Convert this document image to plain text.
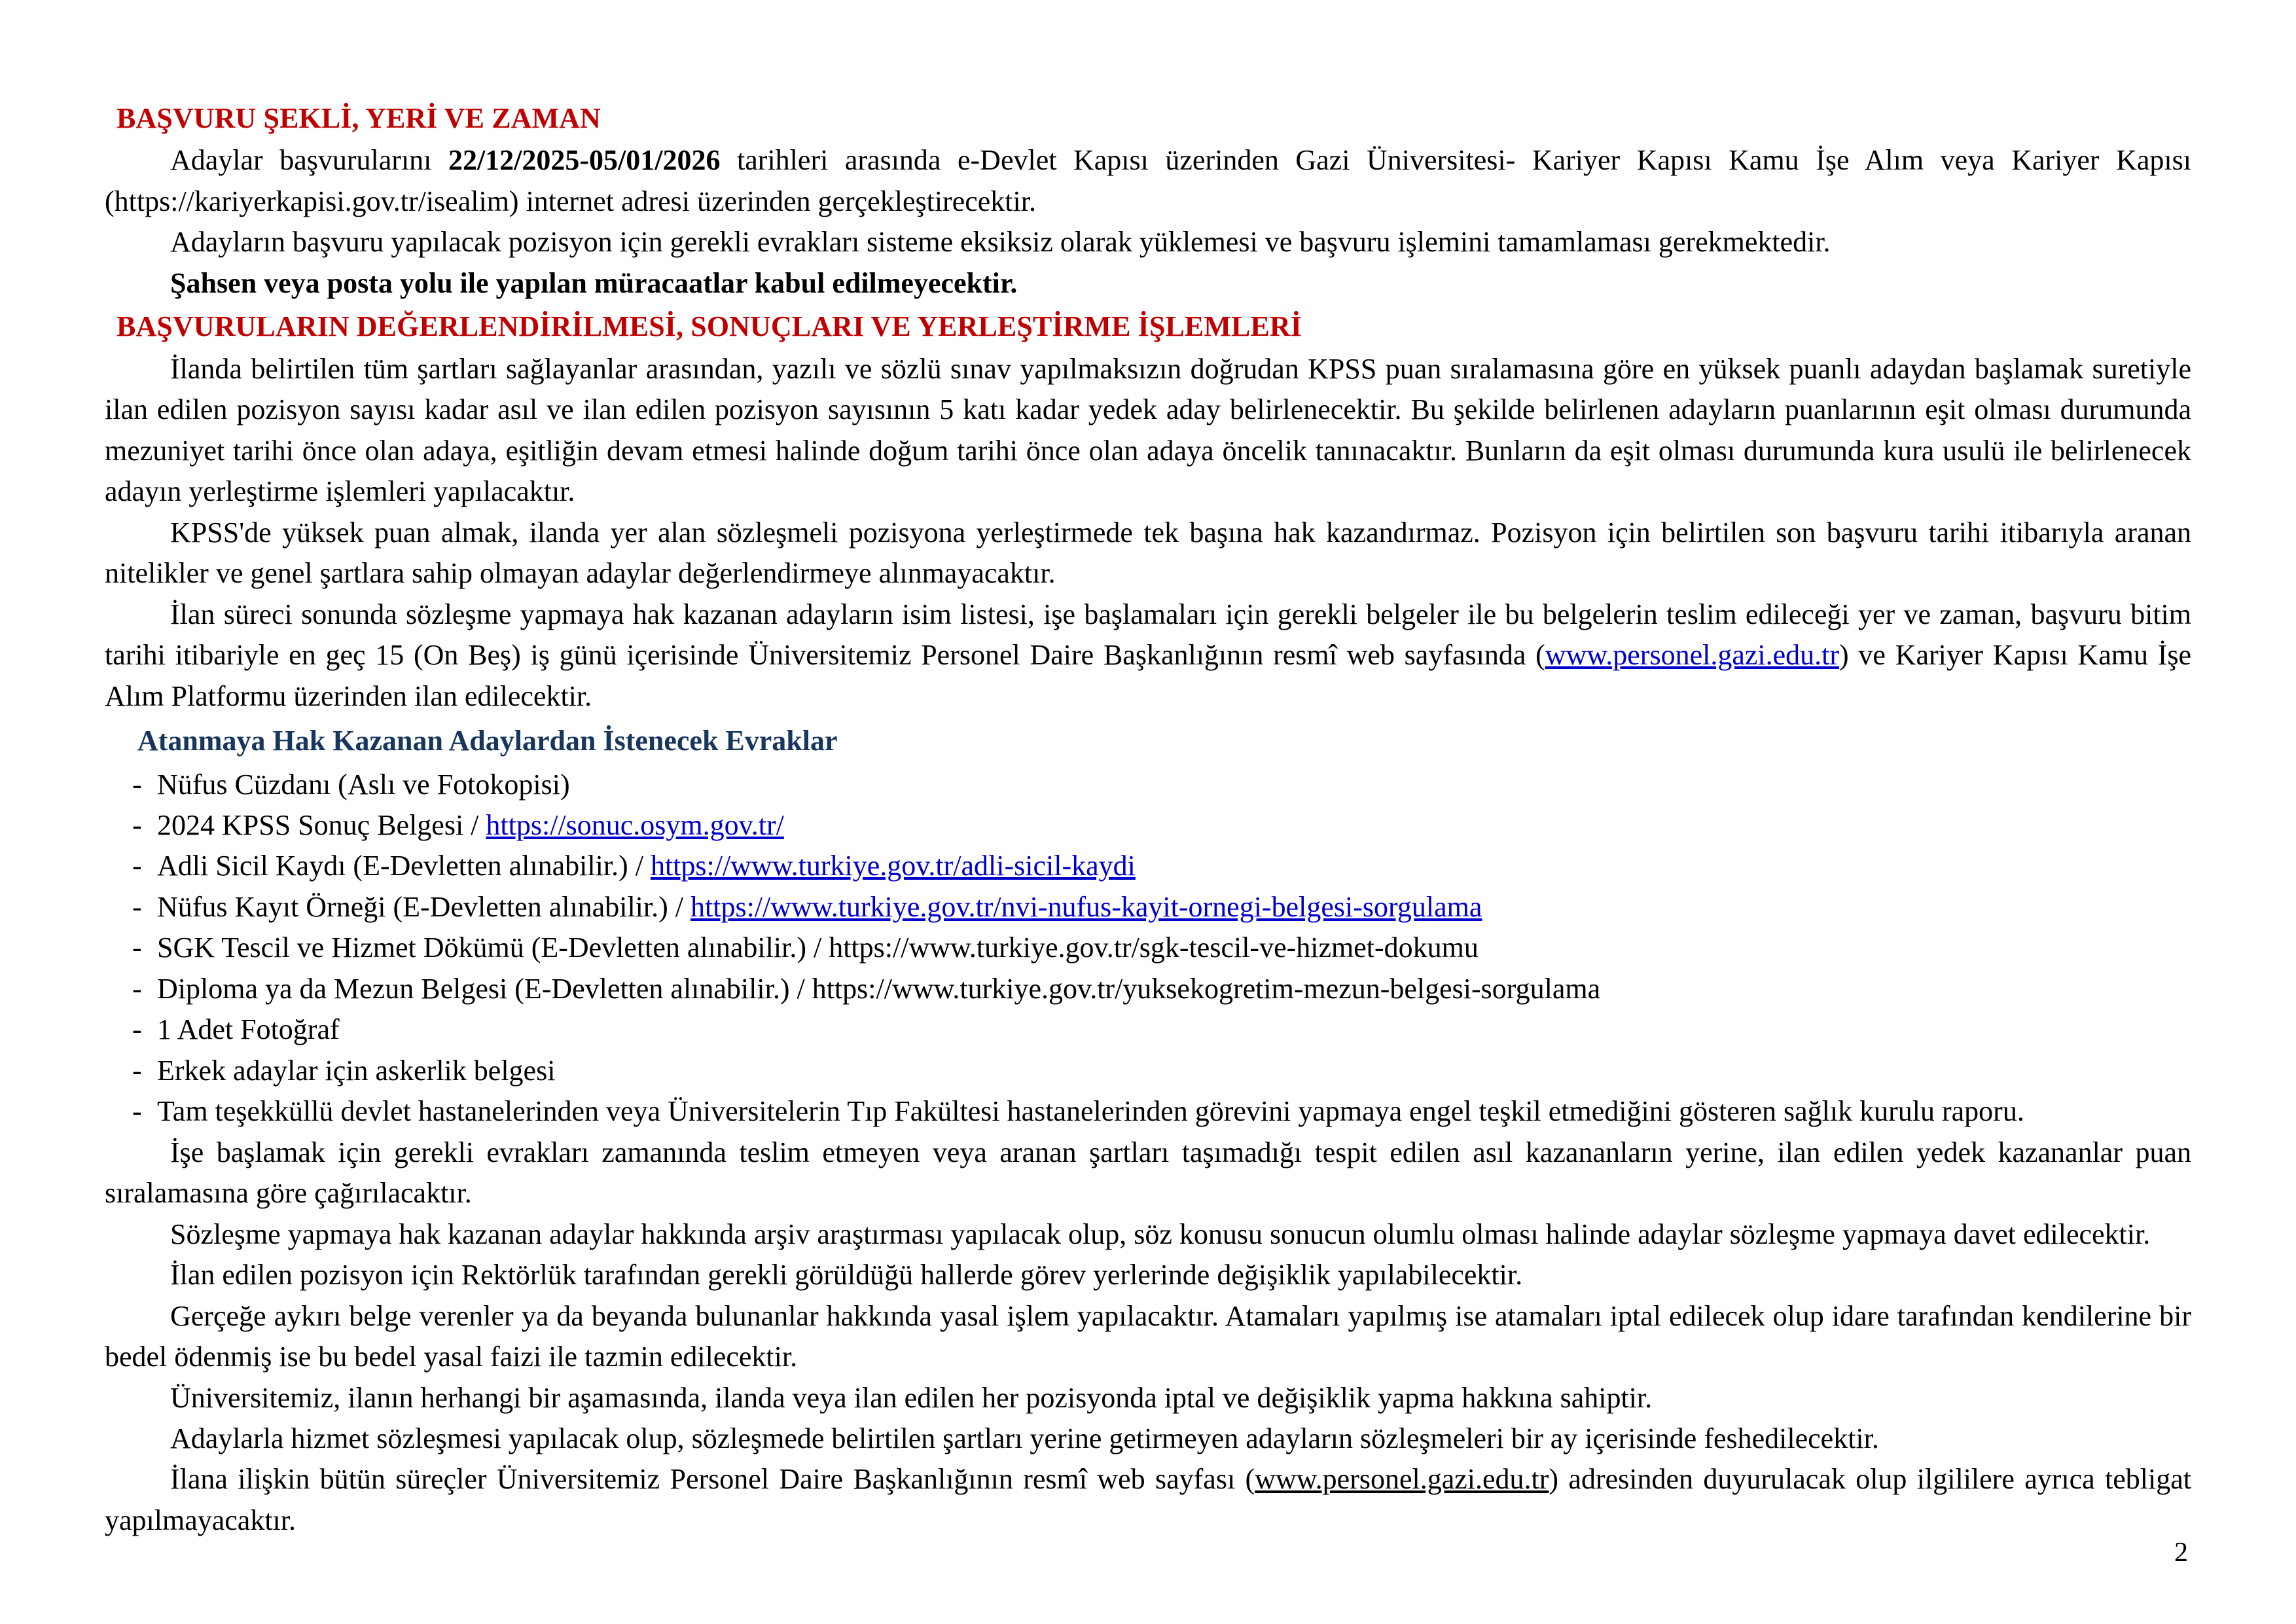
BAŞVURU ŞEKLİ, YERİ VE ZAMAN

Adaylar başvurularını 22/12/2025-05/01/2026 tarihleri arasında e-Devlet Kapısı üzerinden Gazi Üniversitesi- Kariyer Kapısı Kamu İşe Alım veya Kariyer Kapısı (https://kariyerkapisi.gov.tr/isealim) internet adresi üzerinden gerçekleştirecektir.

Adayların başvuru yapılacak pozisyon için gerekli evrakları sisteme eksiksiz olarak yüklemesi ve başvuru işlemini tamamlaması gerekmektedir.

Şahsen veya posta yolu ile yapılan müracaatlar kabul edilmeyecektir.

BAŞVURULARIN DEĞERLENDİRİLMESİ, SONUÇLARI VE YERLEŞTİRME İŞLEMLERİ

İlanda belirtilen tüm şartları sağlayanlar arasından, yazılı ve sözlü sınav yapılmaksızın doğrudan KPSS puan sıralamasına göre en yüksek puanlı adaydan başlamak suretiyle ilan edilen pozisyon sayısı kadar asıl ve ilan edilen pozisyon sayısının 5 katı kadar yedek aday belirlenecektir. Bu şekilde belirlenen adayların puanlarının eşit olması durumunda mezuniyet tarihi önce olan adaya, eşitliğin devam etmesi halinde doğum tarihi önce olan adaya öncelik tanınacaktır. Bunların da eşit olması durumunda kura usulü ile belirlenecek adayın yerleştirme işlemleri yapılacaktır.

KPSS'de yüksek puan almak, ilanda yer alan sözleşmeli pozisyona yerleştirmede tek başına hak kazandırmaz. Pozisyon için belirtilen son başvuru tarihi itibarıyla aranan nitelikler ve genel şartlara sahip olmayan adaylar değerlendirmeye alınmayacaktır.

İlan süreci sonunda sözleşme yapmaya hak kazanan adayların isim listesi, işe başlamaları için gerekli belgeler ile bu belgelerin teslim edileceği yer ve zaman, başvuru bitim tarihi itibariyle en geç 15 (On Beş) iş günü içerisinde Üniversitemiz Personel Daire Başkanlığının resmî web sayfasında (www.personel.gazi.edu.tr) ve Kariyer Kapısı Kamu İşe Alım Platformu üzerinden ilan edilecektir.

Atanmaya Hak Kazanan Adaylardan İstenecek Evraklar
- Nüfus Cüzdanı (Aslı ve Fotokopisi)
- 2024 KPSS Sonuç Belgesi / https://sonuc.osym.gov.tr/
- Adli Sicil Kaydı (E-Devletten alınabilir.) / https://www.turkiye.gov.tr/adli-sicil-kaydi
- Nüfus Kayıt Örneği (E-Devletten alınabilir.) / https://www.turkiye.gov.tr/nvi-nufus-kayit-ornegi-belgesi-sorgulama
- SGK Tescil ve Hizmet Dökümü (E-Devletten alınabilir.) / https://www.turkiye.gov.tr/sgk-tescil-ve-hizmet-dokumu
- Diploma ya da Mezun Belgesi (E-Devletten alınabilir.) / https://www.turkiye.gov.tr/yuksekogretim-mezun-belgesi-sorgulama
- 1 Adet Fotoğraf
- Erkek adaylar için askerlik belgesi
- Tam teşekküllü devlet hastanelerinden veya Üniversitelerin Tıp Fakültesi hastanelerinden görevini yapmaya engel teşkil etmediğini gösteren sağlık kurulu raporu.

İşe başlamak için gerekli evrakları zamanında teslim etmeyen veya aranan şartları taşımadığı tespit edilen asıl kazananların yerine, ilan edilen yedek kazananlar puan sıralamasına göre çağırılacaktır.

Sözleşme yapmaya hak kazanan adaylar hakkında arşiv araştırması yapılacak olup, söz konusu sonucun olumlu olması halinde adaylar sözleşme yapmaya davet edilecektir.

İlan edilen pozisyon için Rektörlük tarafından gerekli görüldüğü hallerde görev yerlerinde değişiklik yapılabilecektir.

Gerçeğe aykırı belge verenler ya da beyanda bulunanlar hakkında yasal işlem yapılacaktır. Atamaları yapılmış ise atamaları iptal edilecek olup idare tarafından kendilerine bir bedel ödenmiş ise bu bedel yasal faizi ile tazmin edilecektir.

Üniversitemiz, ilanın herhangi bir aşamasında, ilanda veya ilan edilen her pozisyonda iptal ve değişiklik yapma hakkına sahiptir.

Adaylarla hizmet sözleşmesi yapılacak olup, sözleşmede belirtilen şartları yerine getirmeyen adayların sözleşmeleri bir ay içerisinde feshedilecektir.

İlana ilişkin bütün süreçler Üniversitemiz Personel Daire Başkanlığının resmî web sayfası (www.personel.gazi.edu.tr) adresinden duyurulacak olup ilgililere ayrıca tebligat yapılmayacaktır.

2
